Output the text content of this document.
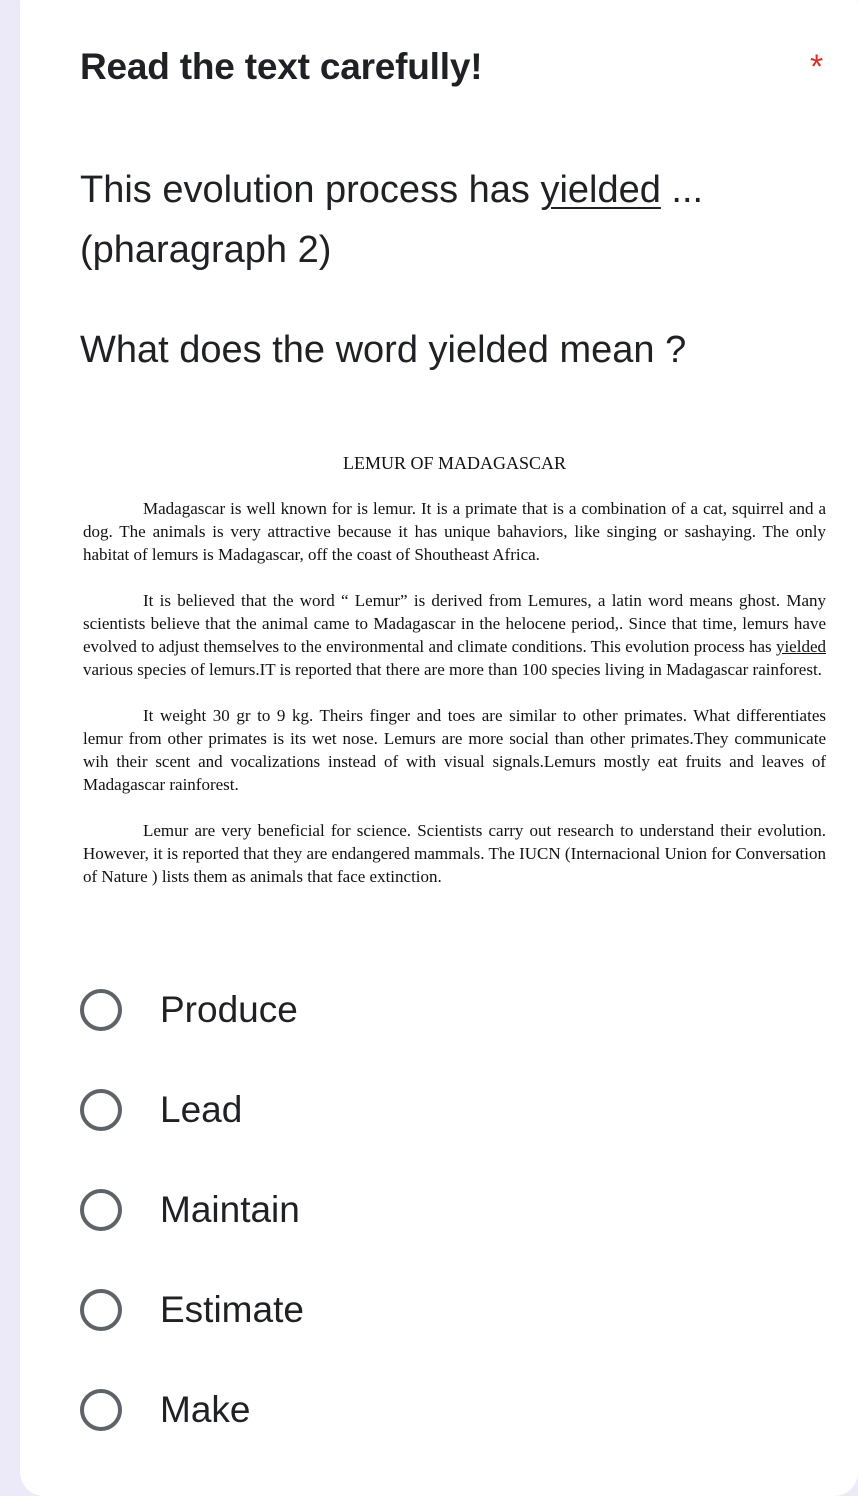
Read the text carefully!	*

This evolution process has yielded ... (pharagraph 2)

What does the word yielded mean ?

LEMUR OF MADAGASCAR

Madagascar is well known for is lemur. It is a primate that is a combination of a cat, squirrel and a dog. The animals is very attractive because it has unique bahaviors, like singing or sashaying. The only habitat of lemurs is Madagascar, off the coast of Shoutheast Africa.

It is believed that the word “ Lemur” is derived from Lemures, a latin word means ghost. Many scientists believe that the animal came to Madagascar in the helocene period,. Since that time, lemurs have evolved to adjust themselves to the environmental and climate conditions. This evolution process has yielded various species of lemurs.IT is reported that there are more than 100 species living in Madagascar rainforest.

It weight 30 gr to 9 kg. Theirs finger and toes are similar to other primates. What differentiates lemur from other primates is its wet nose. Lemurs are more social than other primates.They communicate wih their scent and vocalizations instead of with visual signals.Lemurs mostly eat fruits and leaves of Madagascar rainforest.

Lemur are very beneficial for science. Scientists carry out research to understand their evolution. However, it is reported that they are endangered mammals. The IUCN (Internacional Union for Conversation of Nature ) lists them as animals that face extinction.

Produce
Lead
Maintain
Estimate
Make
